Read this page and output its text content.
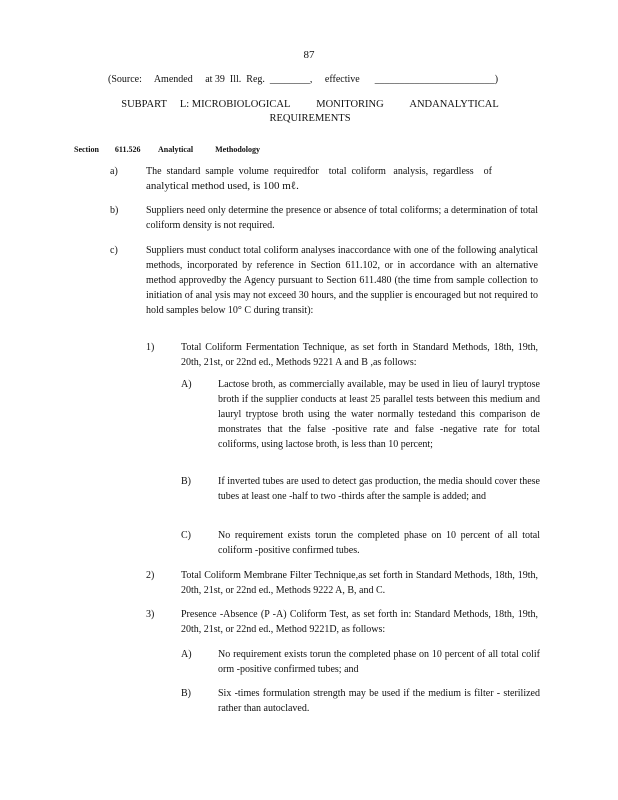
87
(Source:     Amended     at 39  Ill.  Reg.  ________,     effective      ________________________)
SUBPART     L: MICROBIOLOGICAL          MONITORING          ANDANALYTICAL
REQUIREMENTS
Section        611.526         Analytical           Methodology
a)	The  standard  sample  volume  requiredfor    total  coliform   analysis,  regardless    of
analytical method used, is 100 mℓ.
b)	Suppliers need only determine the presence or absence of total coliforms; a determination of total coliform density is not required.
c)	Suppliers must conduct total coliform analyses inaccordance with one of the following analytical methods, incorporated by reference in Section 611.102, or in accordance with an alternative method approvedby the Agency pursuant to Section 611.480 (the time from sample collection to initiation of anal ysis may not exceed 30 hours, and the supplier is encouraged but not required to hold samples below 10° C during transit):
1)	Total Coliform Fermentation Technique, as set forth in Standard Methods, 18th, 19th, 20th, 21st, or 22nd ed., Methods 9221 A and B ,as follows:
A)	Lactose broth, as commercially available, may be used in lieu of lauryl tryptose broth if the supplier conducts at least 25 parallel tests between this medium and lauryl tryptose broth using the water normally testedand this comparison de monstrates that the false -positive rate and false -negative rate for total coliforms, using lactose broth, is less than 10 percent;
B)	If inverted tubes are used to detect gas production, the media should cover these tubes at least one -half to two -thirds after the sample is added; and
C)	No requirement exists torun the completed phase on 10 percent of all total coliform -positive confirmed tubes.
2)	Total Coliform Membrane Filter Technique,as set forth in Standard Methods, 18th, 19th, 20th, 21st, or 22nd ed., Methods 9222 A, B, and C.
3)	Presence -Absence (P -A) Coliform Test, as set forth in: Standard Methods, 18th, 19th, 20th, 21st, or 22nd ed., Method 9221D, as follows:
A)	No requirement exists torun the completed phase on 10 percent of all total colif orm -positive confirmed tubes; and
B)	Six -times formulation strength may be used if the medium is filter - sterilized rather than autoclaved.
